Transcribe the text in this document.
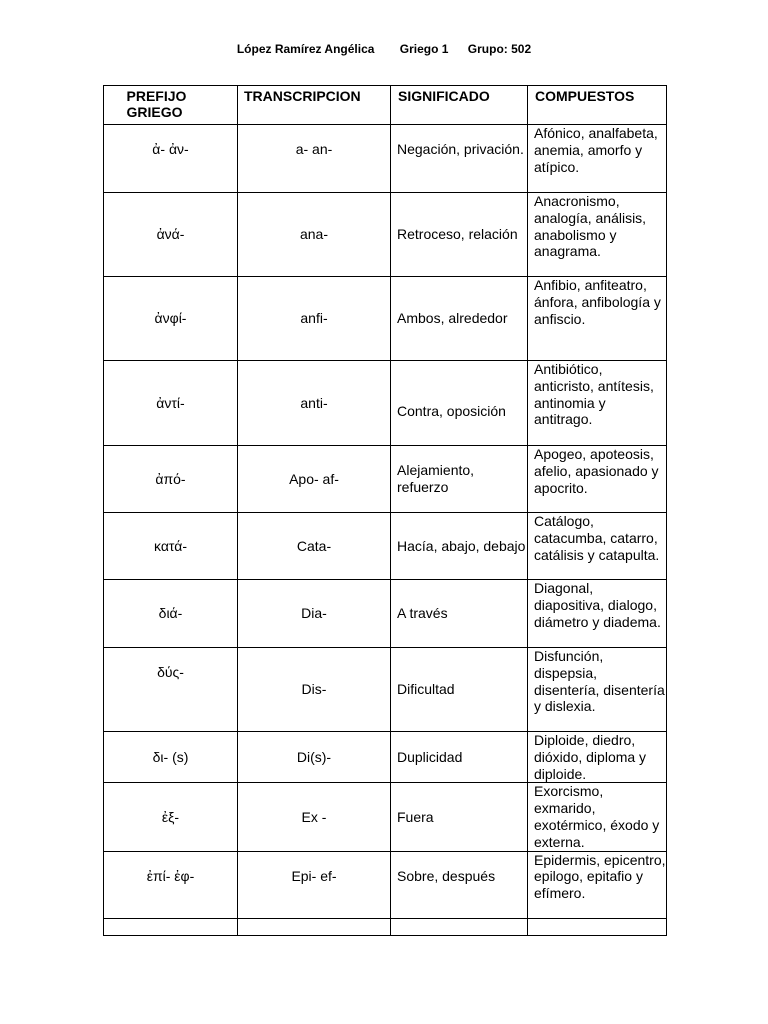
López Ramírez Angélica Griego 1 Grupo: 502
PREFIJO GRIEGO	TRANSCRIPCION	SIGNIFICADO	COMPUESTOS
ἀ- ἀν-	a- an-	Negación, privación.	Afónico, analfabeta, anemia, amorfo y atípico.
ἀνά-	ana-	Retroceso, relación	Anacronismo, analogía, análisis, anabolismo y anagrama.
ἀνφί-	anfi-	Ambos, alrededor	Anfibio, anfiteatro, ánfora, anfibología y anfiscio.
ἀντί-	anti-	Contra, oposición	Antibiótico, anticristo, antítesis, antinomia y antitrago.
ἀπό-	Apo- af-	Alejamiento, refuerzo	Apogeo, apoteosis, afelio, apasionado y apocrito.
κατά-	Cata-	Hacía, abajo, debajo	Catálogo, catacumba, catarro, catálisis y catapulta.
διά-	Dia-	A través	Diagonal, diapositiva, dialogo, diámetro y diadema.
δύς-	Dis-	Dificultad	Disfunción, dispepsia, disentería, disentería y dislexia.
δι- (s)	Di(s)-	Duplicidad	Diploide, diedro, dióxido, diploma y diploide.
ἐξ-	Ex -	Fuera	Exorcismo, exmarido, exotérmico, éxodo y externa.
ἐπί- ἐφ-	Epi- ef-	Sobre, después	Epidermis, epicentro, epilogo, epitafio y efímero.
